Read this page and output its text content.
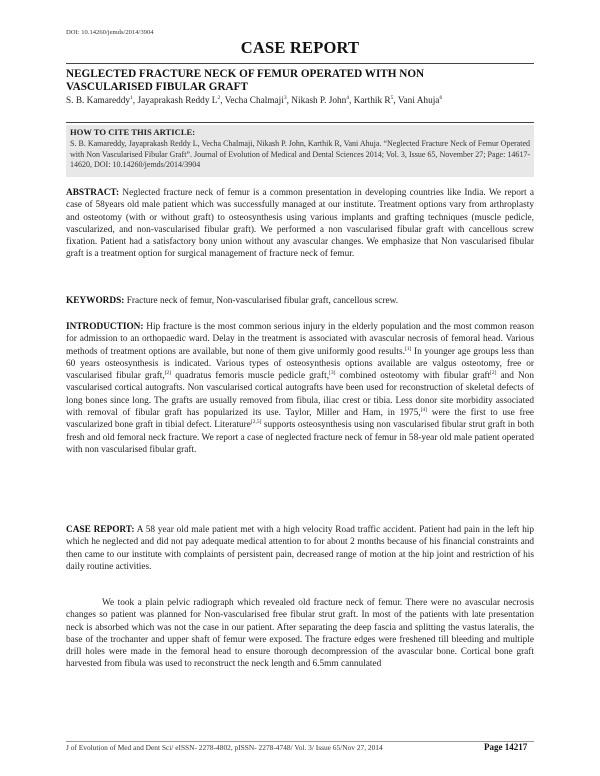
DOI: 10.14260/jemds/2014/3904
CASE REPORT
NEGLECTED FRACTURE NECK OF FEMUR OPERATED WITH NON
VASCULARISED FIBULAR GRAFT
S. B. Kamareddy$^1$, Jayaprakash Reddy $L^2$, Vecha Chalmaji$^3$, Nikash P. John$^4$, Karthik $R^5$, Vani Ahuja$^6$
HOW TO CITE THIS ARTICLE:
S. B. Kamareddy, Jayaprakash Reddy L, Vecha Chalmaji, Nikash P. John, Karthik R, Vani Ahuja. “Neglected Fracture Neck of Femur Operated with Non Vascularised Fibular Graft”. Journal of Evolution of Medical and Dental Sciences 2014; Vol. 3, Issue 65, November 27; Page: 14617-14620, DOI: 10.14260/jemds/2014/3904

ABSTRACT: Neglected fracture neck of femur is a common presentation in developing countries like India. We report a case of 58years old male patient which was successfully managed at our institute. Treatment options vary from arthroplasty and osteotomy (with or without graft) to osteosynthesis using various implants and grafting techniques (muscle pedicle, vascularized, and non-vascularised fibular graft). We performed a non vascularised fibular graft with cancellous screw fixation. Patient had a satisfactory bony union without any avascular changes. We emphasize that Non vascularised fibular graft is a treatment option for surgical management of fracture neck of femur.

KEYWORDS: Fracture neck of femur, Non-vascularised fibular graft, cancellous screw.

INTRODUCTION: Hip fracture is the most common serious injury in the elderly population and the most common reason for admission to an orthopaedic ward. Delay in the treatment is associated with avascular necrosis of femoral head. Various methods of treatment options are available, but none of them give uniformly good results.[1] In younger age groups less than 60 years osteosynthesis is indicated. Various types of osteosynthesis options available are valgus osteotomy, free or vascularised fibular graft,[2] quadratus femoris muscle pedicle graft,[3] combined osteotomy with fibular graft[2] and Non vascularised cortical autografts. Non vascularised cortical autografts have been used for reconstruction of skeletal defects of long bones since long. The grafts are usually removed from fibula, iliac crest or tibia. Less donor site morbidity associated with removal of fibular graft has popularized its use. Taylor, Miller and Ham, in 1975,[4] were the first to use free vascularized bone graft in tibial defect. Literature[2,5] supports osteosynthesis using non vascularised fibular strut graft in both fresh and old femoral neck fracture. We report a case of neglected fracture neck of femur in 58-year old male patient operated with non vascularised fibular graft.

CASE REPORT: A 58 year old male patient met with a high velocity Road traffic accident. Patient had pain in the left hip which he neglected and did not pay adequate medical attention to for about 2 months because of his financial constraints and then came to our institute with complaints of persistent pain, decreased range of motion at the hip joint and restriction of his daily routine activities.

We took a plain pelvic radiograph which revealed old fracture neck of femur. There were no avascular necrosis changes so patient was planned for Non-vascularised free fibular strut graft. In most of the patients with late presentation neck is absorbed which was not the case in our patient. After separating the deep fascia and splitting the vastus lateralis, the base of the trochanter and upper shaft of femur were exposed. The fracture edges were freshened till bleeding and multiple drill holes were made in the femoral head to ensure thorough decompression of the avascular bone. Cortical bone graft harvested from fibula was used to reconstruct the neck length and 6.5mm cannulated

J of Evolution of Med and Dent Sci/ eISSN- 2278-4802, pISSN- 2278-4748/ Vol. 3/ Issue 65/Nov 27, 2014	Page 14217
